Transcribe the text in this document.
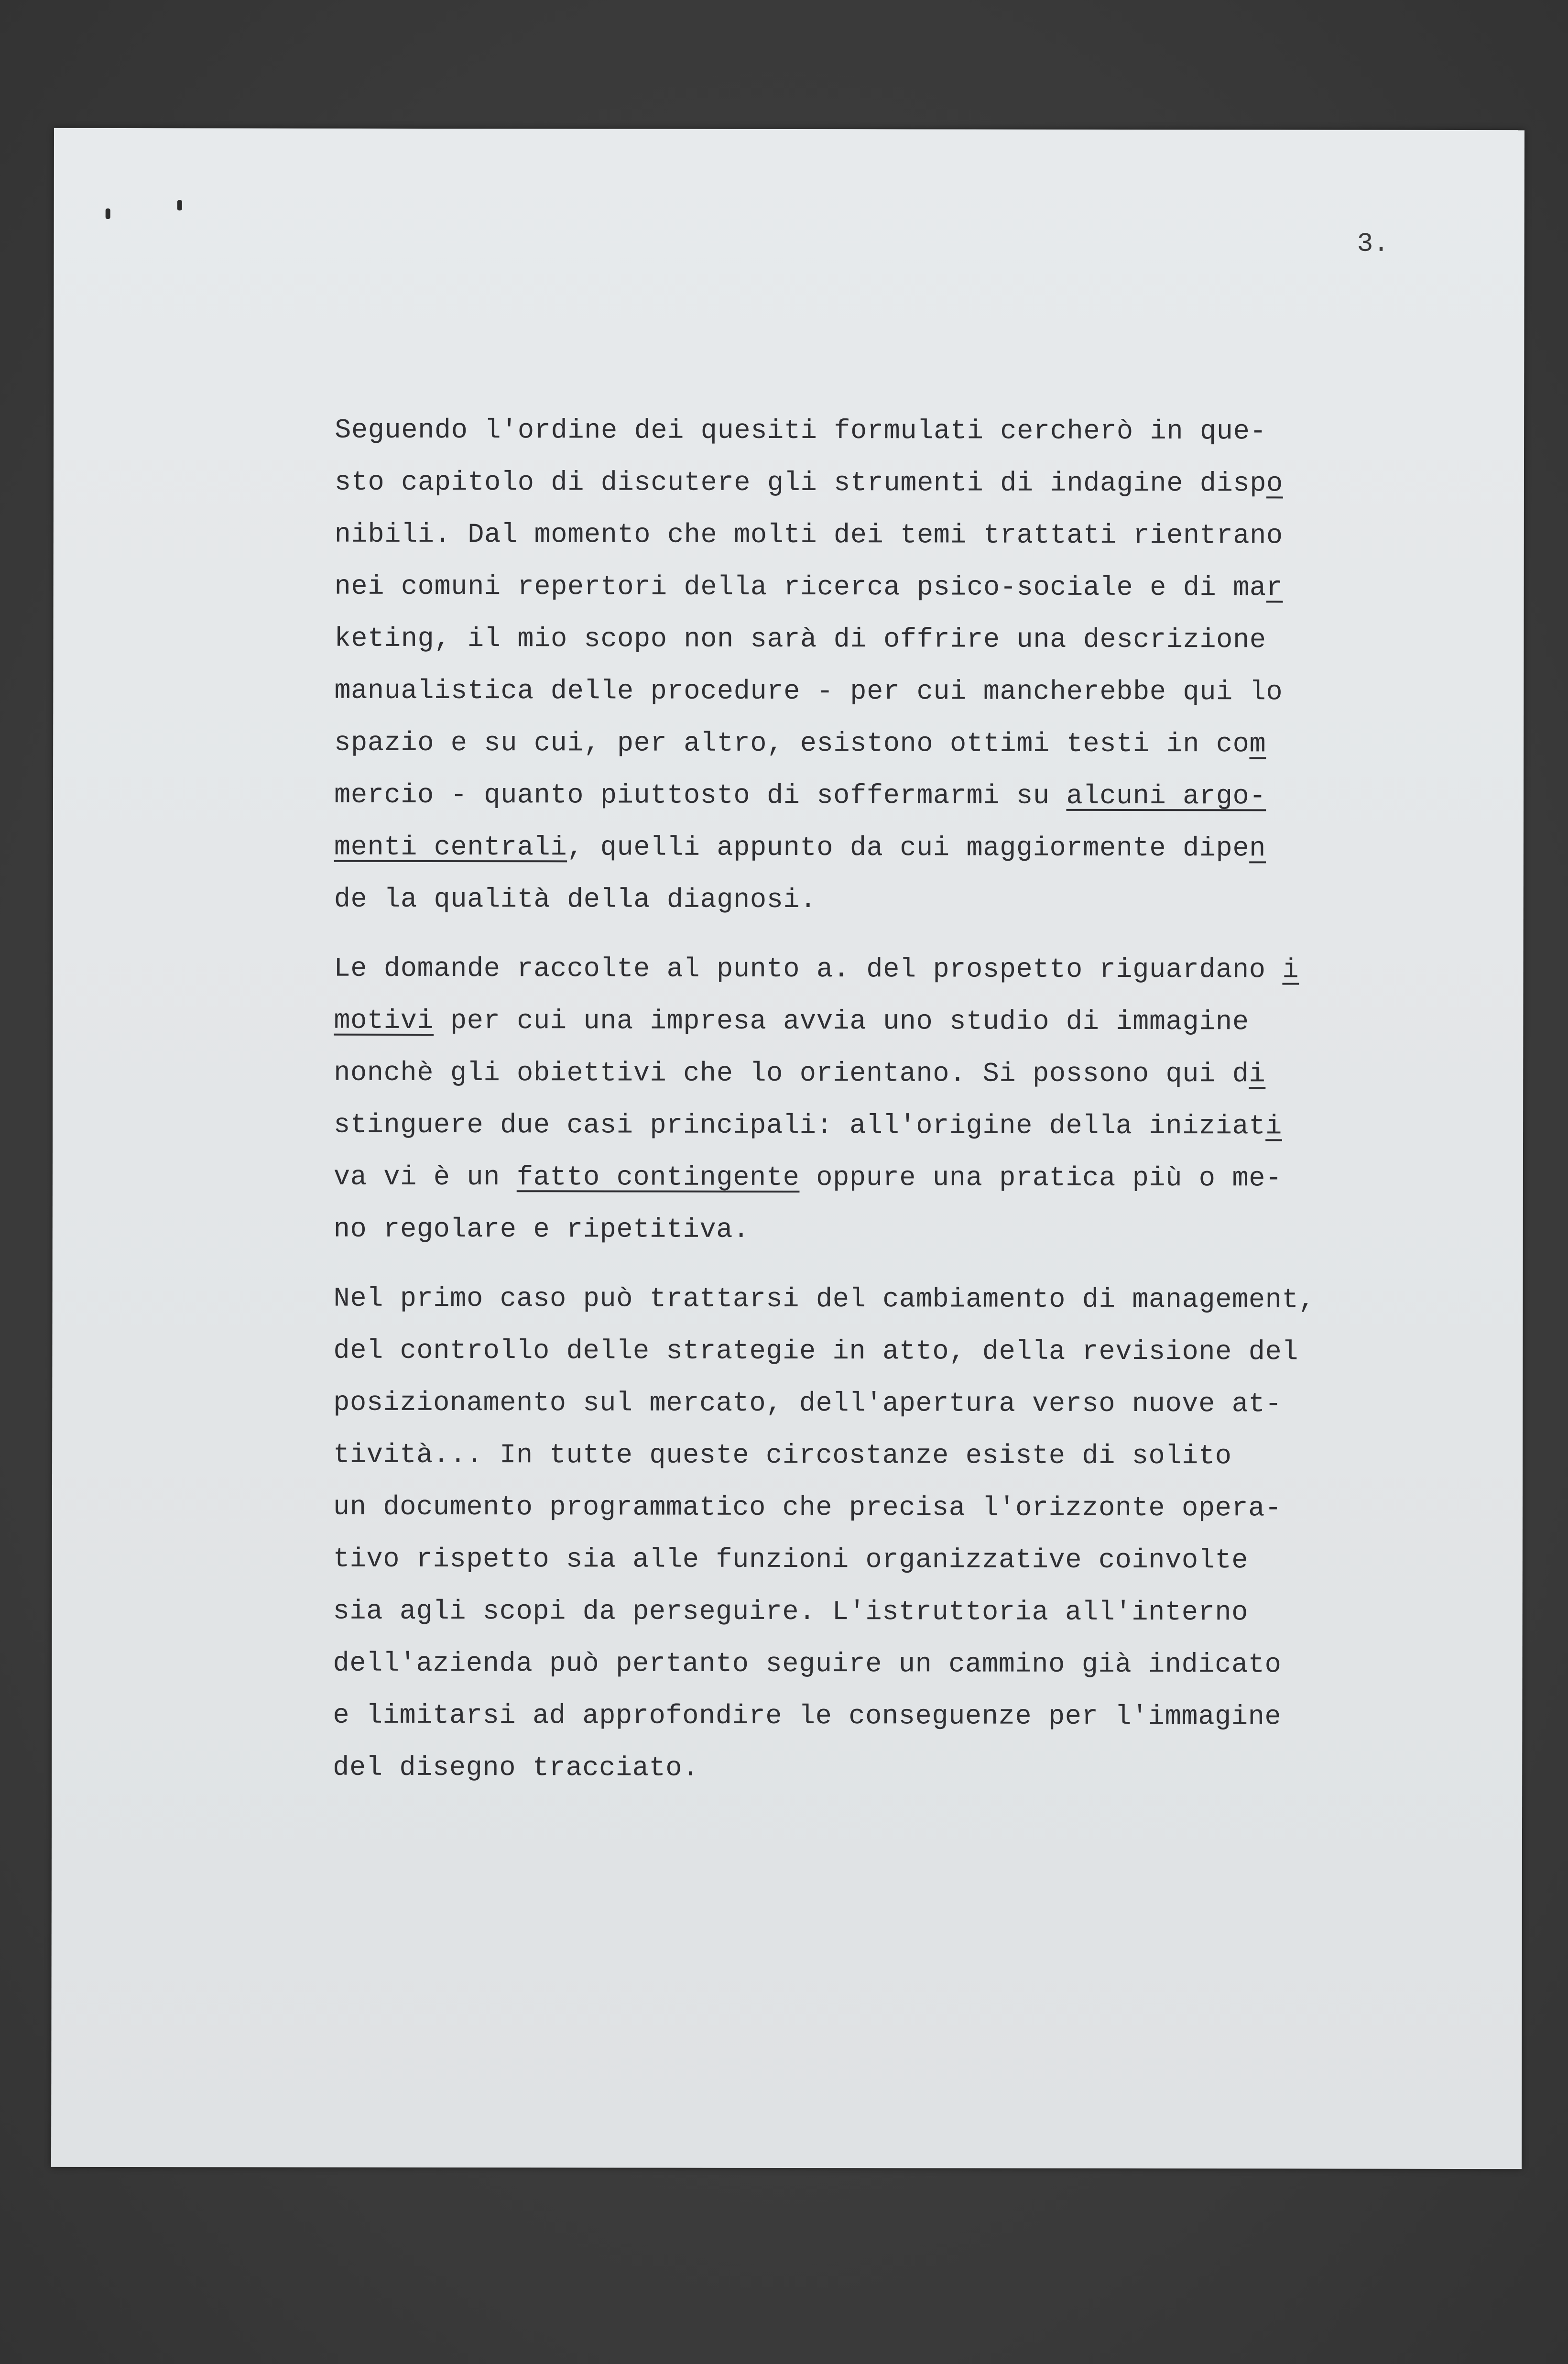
3.
Seguendo l'ordine dei quesiti formulati cercherò in que-
sto capitolo di discutere gli strumenti di indagine dispo
nibili. Dal momento che molti dei temi trattati rientrano
nei comuni repertori della ricerca psico-sociale e di mar
keting, il mio scopo non sarà di offrire una descrizione
manualistica delle procedure - per cui mancherebbe qui lo
spazio e su cui, per altro, esistono ottimi testi in com
mercio - quanto piuttosto di soffermarmi su alcuni argo-
menti centrali, quelli appunto da cui maggiormente dipen
de la qualità della diagnosi.
Le domande raccolte al punto a. del prospetto riguardano i
motivi per cui una impresa avvia uno studio di immagine
nonchè gli obiettivi che lo orientano. Si possono qui di
stinguere due casi principali: all'origine della iniziati
va vi è un fatto contingente oppure una pratica più o me-
no regolare e ripetitiva.
Nel primo caso può trattarsi del cambiamento di management,
del controllo delle strategie in atto, della revisione del
posizionamento sul mercato, dell'apertura verso nuove at-
tività... In tutte queste circostanze esiste di solito
un documento programmatico che precisa l'orizzonte opera-
tivo rispetto sia alle funzioni organizzative coinvolte
sia agli scopi da perseguire. L'istruttoria all'interno
dell'azienda può pertanto seguire un cammino già indicato
e limitarsi ad approfondire le conseguenze per l'immagine
del disegno tracciato.
